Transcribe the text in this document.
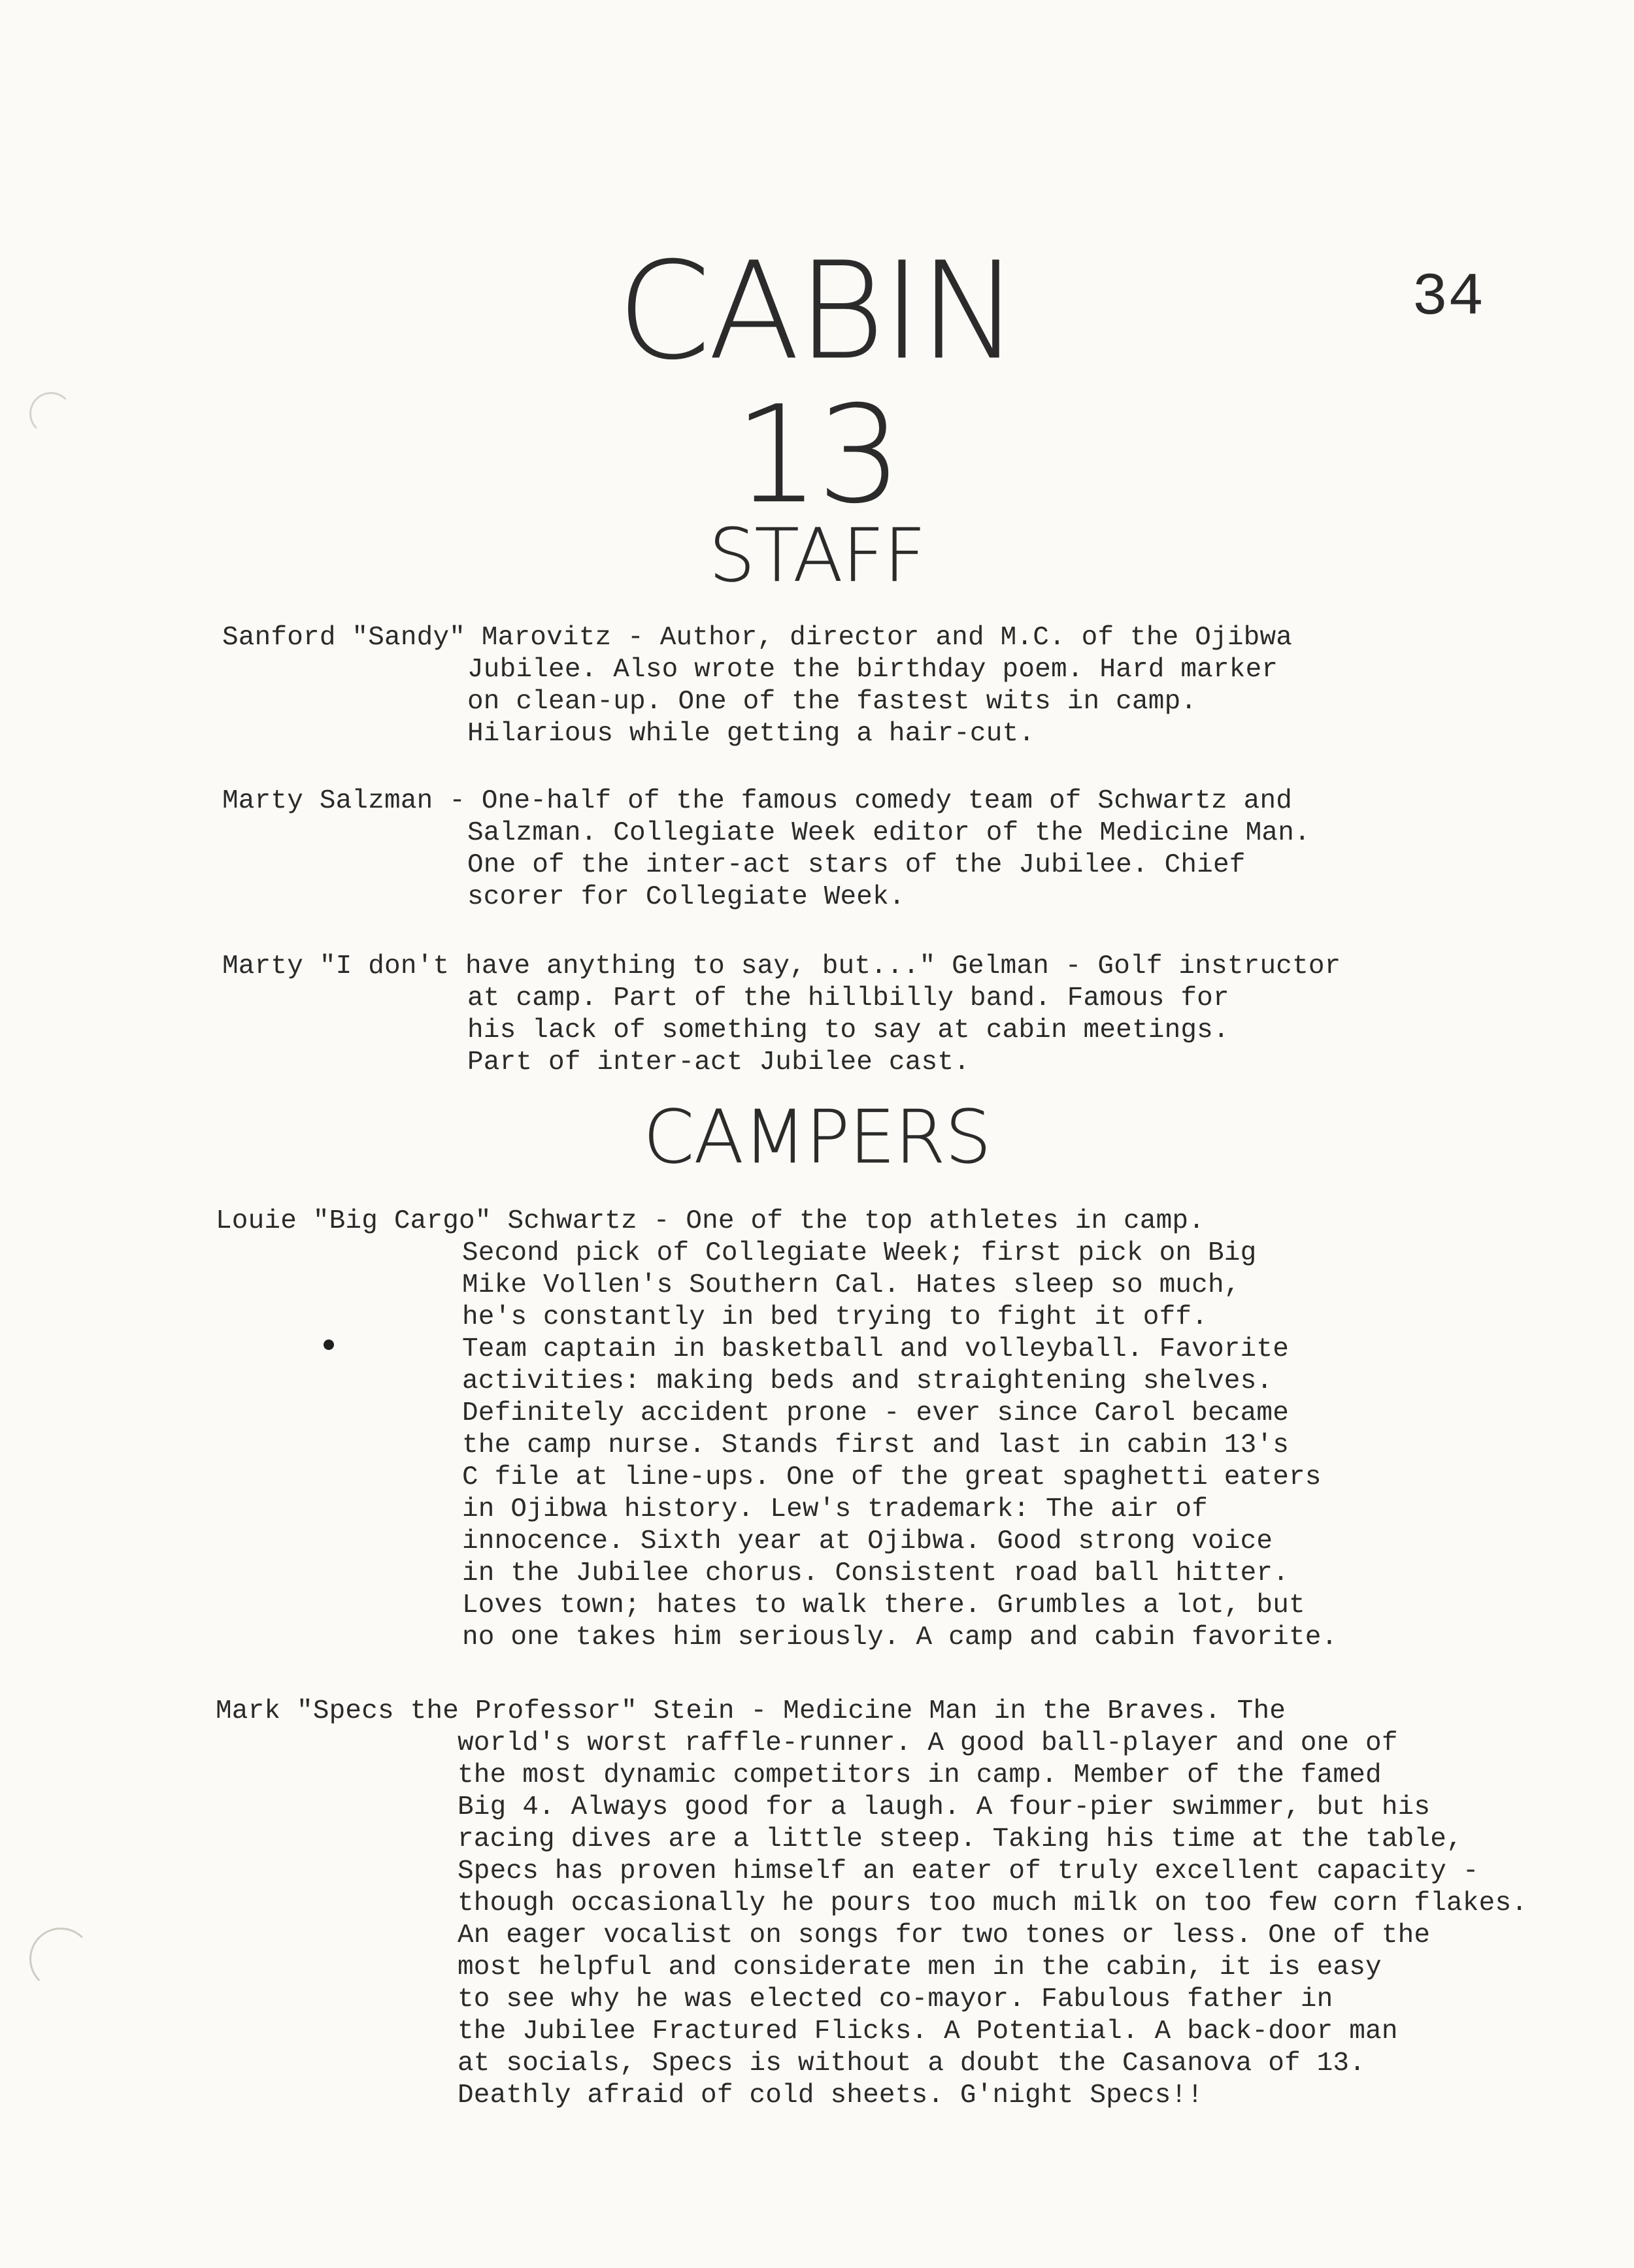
CABIN
13
34
STAFF
Sanford "Sandy" Marovitz - Author, director and M.C. of the Ojibwa
Jubilee. Also wrote the birthday poem. Hard marker
on clean-up. One of the fastest wits in camp.
Hilarious while getting a hair-cut.
Marty Salzman - One-half of the famous comedy team of Schwartz and
Salzman. Collegiate Week editor of the Medicine Man.
One of the inter-act stars of the Jubilee. Chief
scorer for Collegiate Week.
Marty "I don't have anything to say, but..." Gelman - Golf instructor
at camp. Part of the hillbilly band. Famous for
his lack of something to say at cabin meetings.
Part of inter-act Jubilee cast.
CAMPERS
Louie "Big Cargo" Schwartz - One of the top athletes in camp.
Second pick of Collegiate Week; first pick on Big
Mike Vollen's Southern Cal. Hates sleep so much,
he's constantly in bed trying to fight it off.
Team captain in basketball and volleyball. Favorite
activities: making beds and straightening shelves.
Definitely accident prone - ever since Carol became
the camp nurse. Stands first and last in cabin 13's
C file at line-ups. One of the great spaghetti eaters
in Ojibwa history. Lew's trademark: The air of
innocence. Sixth year at Ojibwa. Good strong voice
in the Jubilee chorus. Consistent road ball hitter.
Loves town; hates to walk there. Grumbles a lot, but
no one takes him seriously. A camp and cabin favorite.
Mark "Specs the Professor" Stein - Medicine Man in the Braves. The
world's worst raffle-runner. A good ball-player and one of
the most dynamic competitors in camp. Member of the famed
Big 4. Always good for a laugh. A four-pier swimmer, but his
racing dives are a little steep. Taking his time at the table,
Specs has proven himself an eater of truly excellent capacity -
though occasionally he pours too much milk on too few corn flakes.
An eager vocalist on songs for two tones or less. One of the
most helpful and considerate men in the cabin, it is easy
to see why he was elected co-mayor. Fabulous father in
the Jubilee Fractured Flicks. A Potential. A back-door man
at socials, Specs is without a doubt the Casanova of 13.
Deathly afraid of cold sheets. G'night Specs!!
